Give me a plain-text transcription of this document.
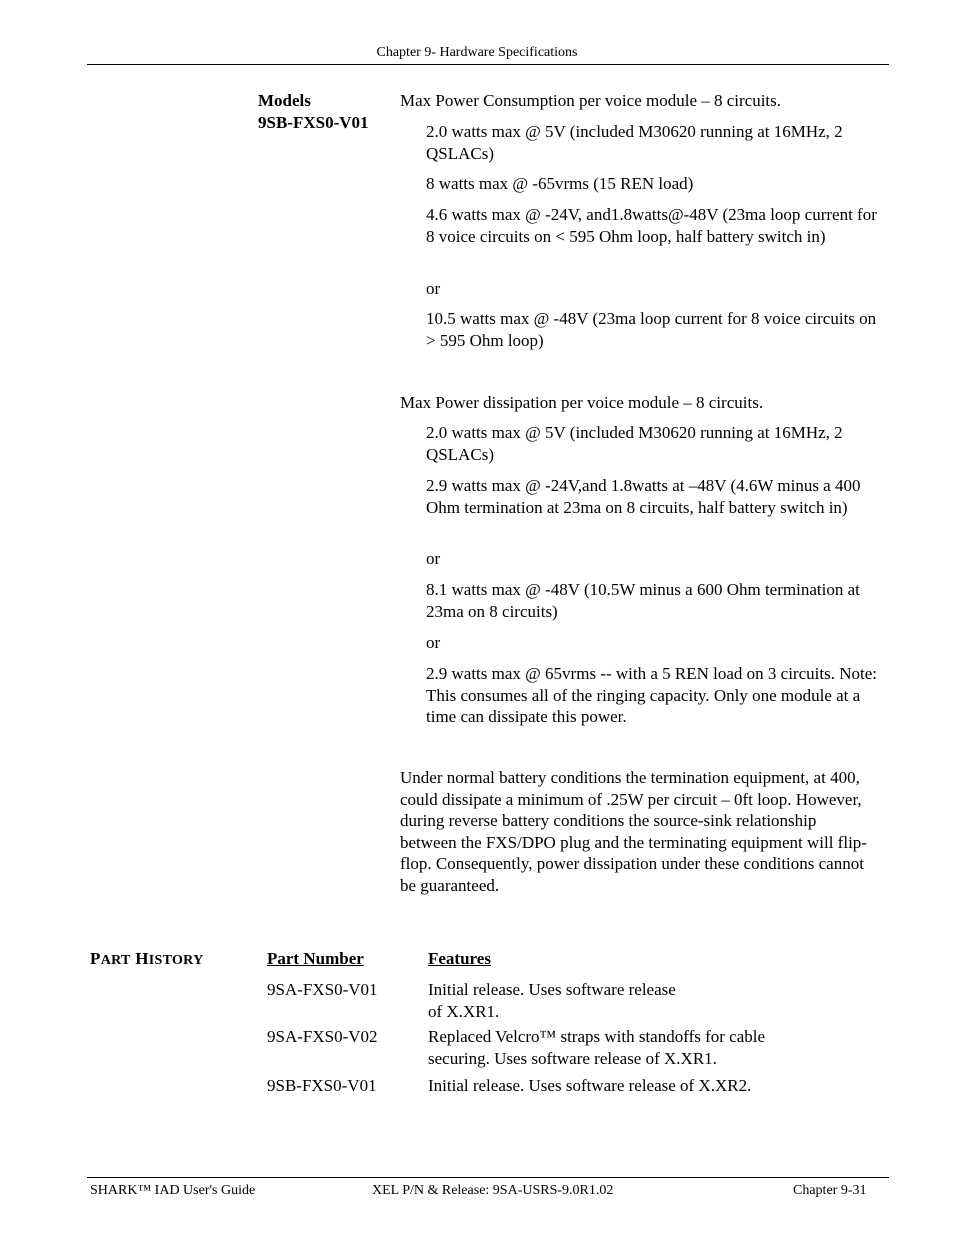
Chapter 9- Hardware Specifications
Models
9SB-FXS0-V01

Max Power Consumption per voice module – 8 circuits.

2.0 watts max @ 5V (included M30620 running at 16MHz, 2 QSLACs)

8 watts max @ -65vrms (15 REN load)

4.6 watts max @ -24V, and1.8watts@-48V (23ma loop current for 8 voice circuits on < 595 Ohm loop, half battery switch in)

or

10.5 watts max @ -48V (23ma loop current for 8 voice circuits on > 595 Ohm loop)

Max Power dissipation per voice module – 8 circuits.

2.0 watts max @ 5V (included M30620 running at 16MHz, 2 QSLACs)

2.9 watts max @ -24V,and 1.8watts at –48V (4.6W minus a 400 Ohm termination at 23ma on 8 circuits, half battery switch in)

or

8.1 watts max @ -48V (10.5W minus a 600 Ohm termination at 23ma on 8 circuits)

or

2.9 watts max @ 65vrms -- with a 5 REN load on 3 circuits. Note: This consumes all of the ringing capacity. Only one module at a time can dissipate this power.

Under normal battery conditions the termination equipment, at 400, could dissipate a minimum of .25W per circuit – 0ft loop. However, during reverse battery conditions the source-sink relationship between the FXS/DPO plug and the terminating equipment will flip-flop. Consequently, power dissipation under these conditions cannot be guaranteed.

PART HISTORY	Part Number	Features
9SA-FXS0-V01	Initial release. Uses software release
of X.XR1.
9SA-FXS0-V02	Replaced Velcro™ straps with standoffs for cable
securing. Uses software release of X.XR1.
9SB-FXS0-V01	Initial release. Uses software release of X.XR2.
SHARK™ IAD User's Guide	XEL P/N & Release: 9SA-USRS-9.0R1.02	Chapter 9-31
